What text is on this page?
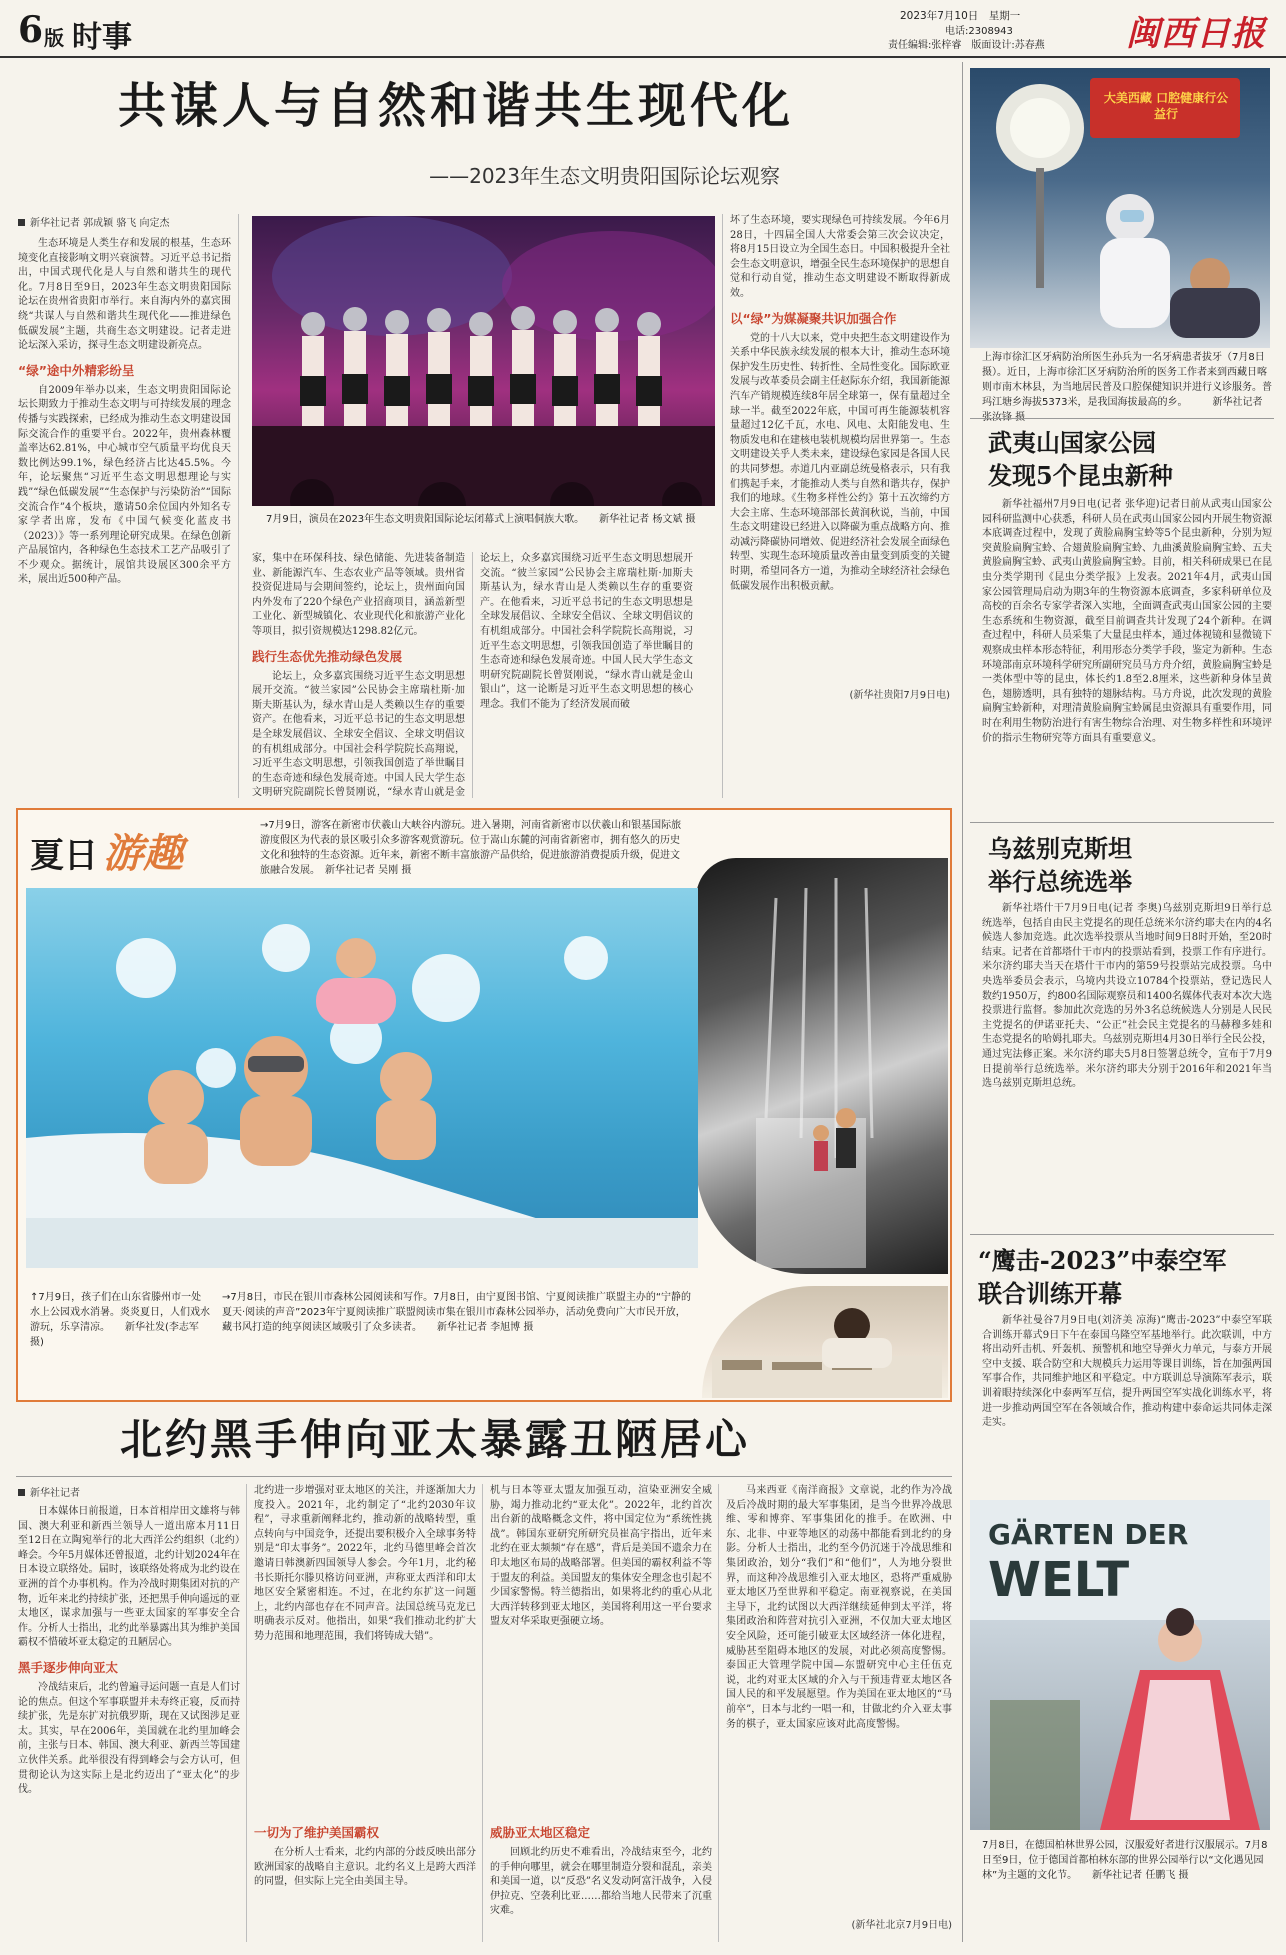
6 版 时事
2023年7月10日　 星期一
电话:2308943
责任编辑:张梓睿　 版面设计:苏春燕 闽西日报
共谋人与自然和谐共生现代化
——2023年生态文明贵阳国际论坛观察
新华社记者 郭成颖 骆飞 向定杰
生态环境是人类生存和发展的根基，生态环境变化直接影响文明兴衰演替。习近平总书记指出，中国式现代化是人与自然和谐共生的现代化。7月8日至9日，2023年生态文明贵阳国际论坛在贵州省贵阳市举行。来自海内外的嘉宾围绕“共谋人与自然和谐共生现代化——推进绿色低碳发展”主题，共商生态文明建设。记者走进论坛深入采访，探寻生态文明建设新亮点。
“绿”途中外精彩纷呈
自2009年举办以来，生态文明贵阳国际论坛长期致力于推动生态文明与可持续发展的理念传播与实践探索，已经成为推动生态文明建设国际交流合作的重要平台。2022年，贵州森林覆盖率达62.81%，中心城市空气质量平均优良天数比例达99.1%，绿色经济占比达45.5%。今年，论坛聚焦“习近平生态文明思想理论与实践”“绿色低碳发展”“生态保护与污染防治”“国际交流合作”4个板块，邀请50余位国内外知名专家学者出席，发布《中国气候变化蓝皮书（2023）》等一系列理论研究成果。在绿色创新产品展馆内，各种绿色生态技术工艺产品吸引了不少观众。据统计，展馆共设展区300余平方米，展出近500种产品。
7月9日，演员在2023年生态文明贵阳国际论坛闭幕式上演唱侗族大歌。　　新华社记者 杨文斌 摄
家，集中在环保科技、绿色储能、先进装备制造业、新能源汽车、生态农业产品等领域。贵州省投资促进局与会期间签约，论坛上，贵州面向国内外发布了220个绿色产业招商项目，涵盖新型工业化、新型城镇化、农业现代化和旅游产业化等项目，拟引资规模达1298.82亿元。
践行生态优先推动绿色发展
论坛上，众多嘉宾围绕习近平生态文明思想展开交流。“彼兰家园”公民协会主席瑞杜斯·加斯夫斯基认为，绿水青山是人类赖以生存的重要资产。在他看来，习近平总书记的生态文明思想是全球发展倡议、全球安全倡议、全球文明倡议的有机组成部分。中国社会科学院院长高翔说，习近平生态文明思想，引领我国创造了举世瞩目的生态奇迹和绿色发展奇迹。中国人民大学生态文明研究院副院长曾贤刚说，“绿水青山就是金
论坛上，众多嘉宾围绕习近平生态文明思想展开交流。“彼兰家园”公民协会主席瑞杜斯·加斯夫斯基认为，绿水青山是人类赖以生存的重要资产。在他看来，习近平总书记的生态文明思想是全球发展倡议、全球安全倡议、全球文明倡议的有机组成部分。中国社会科学院院长高翔说，习近平生态文明思想，引领我国创造了举世瞩目的生态奇迹和绿色发展奇迹。中国人民大学生态文明研究院副院长曾贤刚说，“绿水青山就是金山银山”，这一论断是习近平生态文明思想的核心理念。我们不能为了经济发展而破
坏了生态环境，要实现绿色可持续发展。今年6月28日，十四届全国人大常委会第三次会议决定，将8月15日设立为全国生态日。中国积极提升全社会生态文明意识，增强全民生态环境保护的思想自觉和行动自觉，推动生态文明建设不断取得新成效。
以“绿”为媒凝聚共识加强合作
党的十八大以来，党中央把生态文明建设作为关系中华民族永续发展的根本大计，推动生态环境保护发生历史性、转折性、全局性变化。国际欧亚发展与改革委员会副主任赵际东介绍，我国新能源汽车产销规模连续8年居全球第一，保有量超过全球一半。截至2022年底，中国可再生能源装机容量超过12亿千瓦，水电、风电、太阳能发电、生物质发电和在建核电装机规模均居世界第一。生态文明建设关乎人类未来，建设绿色家园是各国人民的共同梦想。赤道几内亚副总统曼格表示，只有我们携起手来，才能推动人类与自然和谐共存，保护我们的地球。《生物多样性公约》第十五次缔约方大会主席、生态环境部部长黄润秋说，当前，中国生态文明建设已经进入以降碳为重点战略方向、推动减污降碳协同增效、促进经济社会发展全面绿色转型、实现生态环境质量改善由量变到质变的关键时期，希望同各方一道，为推动全球经济社会绿色低碳发展作出积极贡献。
(新华社贵阳7月9日电)
夏日 游趣
→7月9日，游客在新密市伏羲山大峡谷内游玩。进入暑期，河南省新密市以伏羲山和银基国际旅游度假区为代表的景区吸引众多游客观赏游玩。位于嵩山东麓的河南省新密市，拥有悠久的历史文化和独特的生态资源。近年来，新密不断丰富旅游产品供给，促进旅游消费提质升级，促进文旅融合发展。　新华社记者 吴刚 摄
↑7月9日，孩子们在山东省滕州市一处水上公园戏水消暑。炎炎夏日，人们戏水游玩，乐享清凉。　　新华社发(李志军摄)
→7月8日，市民在银川市森林公园阅读和写作。7月8日，由宁夏图书馆、宁夏阅读推广联盟主办的“宁静的夏天·阅读的声音”2023年宁夏阅读推广联盟阅读市集在银川市森林公园举办，活动免费向广大市民开放，藏书风打造的纯享阅读区域吸引了众多读者。　　新华社记者 李旭博 摄
北约黑手伸向亚太暴露丑陋居心
新华社记者
日本媒体日前报道，日本首相岸田文雄将与韩国、澳大利亚和新西兰领导人一道出席本月11日至12日在立陶宛举行的北大西洋公约组织（北约）峰会。今年5月媒体还曾报道，北约计划2024年在日本设立联络处。届时，该联络处将成为北约设在亚洲的首个办事机构。作为冷战时期集团对抗的产物，近年来北约持续扩张，还把黑手伸向遥远的亚太地区，谋求加强与一些亚太国家的军事安全合作。分析人士指出，北约此举暴露出其为维护美国霸权不惜破坏亚太稳定的丑陋居心。
黑手逐步伸向亚太
冷战结束后，北约曾遍寻运问题一直是人们讨论的焦点。但这个军事联盟并未寿终正寝，反而持续扩张，先是东扩对抗俄罗斯，现在又试图涉足亚太。其实，早在2006年，美国就在北约里加峰会前，主张与日本、韩国、澳大利亚、新西兰等国建立伙伴关系。此举很没有得到峰会与会方认可，但贯彻论认为这实际上是北约迈出了“亚太化”的步伐。
北约进一步增强对亚太地区的关注，并逐渐加大力度投入。2021年，北约制定了“北约2030年议程”，寻求重新阐释北约，推动新的战略转型，重点转向与中国竞争，还提出要积极介入全球事务特别是“印太事务”。2022年，北约马德里峰会首次邀请日韩澳新四国领导人参会。今年1月，北约秘书长斯托尔滕贝格访问亚洲，声称亚太西洋和印太地区安全紧密相连。不过，在北约东扩这一问题上，北约内部也存在不同声音。法国总统马克龙已明确表示反对。他指出，如果“我们推动北约扩大势力范围和地理范围，我们将铸成大错”。
一切为了维护美国霸权
在分析人士看来，北约内部的分歧反映出部分欧洲国家的战略自主意识。北约名义上是跨大西洋的同盟，但实际上完全由美国主导。
机与日本等亚太盟友加强互动，渲染亚洲安全威胁，竭力推动北约“亚太化”。2022年，北约首次出台新的战略概念文件，将中国定位为“系统性挑战”。韩国东亚研究所研究员崔高宇指出，近年来北约在亚太频频“存在感”，背后是美国不遗余力在印太地区布局的战略部署。但美国的霸权利益不等于盟友的利益。美国盟友的集体安全理念也引起不少国家警惕。特兰德指出，如果将北约的重心从北大西洋转移到亚太地区，美国将利用这一平台要求盟友对华采取更强硬立场。
威胁亚太地区稳定
回顾北约历史不难看出，冷战结束至今，北约的手伸向哪里，就会在哪里制造分裂和混乱，亲美和美国一道，以“反恐”名义发动阿富汗战争，入侵伊拉克、空袭利比亚……都给当地人民带来了沉重灾难。
马来西亚《南洋商报》文章说，北约作为冷战及后冷战时期的最大军事集团，是当今世界冷战思维、零和博弈、军事集团化的推手。在欧洲、中东、北非、中亚等地区的动荡中都能看到北约的身影。分析人士指出，北约至今仍沉迷于冷战思维和集团政治，划分“我们”和“他们”，人为地分裂世界，而这种冷战思维引入亚太地区，恐将严重威胁亚太地区乃至世界和平稳定。南亚视察说，在美国主导下，北约试图以大西洋继续延伸到太平洋，将集团政治和阵营对抗引入亚洲，不仅加大亚太地区安全风险，还可能引破亚太区域经济一体化进程，威胁甚至阻碍本地区的发展，对此必须高度警惕。泰国正大管理学院中国—东盟研究中心主任伍克说，北约对亚太区域的介入与干预违背亚太地区各国人民的和平发展愿望。作为美国在亚太地区的“马前卒”，日本与北约一唱一和，甘做北约介入亚太事务的棋子，亚太国家应该对此高度警惕。
(新华社北京7月9日电)
大美西藏 口腔健康行公益行
上海市徐汇区牙病防治所医生孙兵为一名牙病患者拔牙（7月8日摄）。近日，上海市徐汇区牙病防治所的医务工作者来到西藏日喀则市南木林县，为当地居民普及口腔保健知识并进行义诊服务。普玛江塘乡海拔5373米，是我国海拔最高的乡。　　　新华社记者
武夷山国家公园
发现5个昆虫新种
新华社福州7月9日电(记者 张华迎)记者日前从武夷山国家公园科研监测中心获悉，科研人员在武夷山国家公园内开展生物资源本底调查过程中，发现了黄脸扁胸宝蛉等5个昆虫新种，分别为短突黄脸扁胸宝蛉、合翅黄脸扁胸宝蛉、九曲溪黄脸扁胸宝蛉、五夫黄脸扁胸宝蛉、武夷山黄脸扁胸宝蛉。目前，相关科研成果已在昆虫分类学期刊《昆虫分类学报》上发表。2021年4月，武夷山国家公园管理局启动为期3年的生物资源本底调查，多家科研单位及高校的百余名专家学者深入实地，全面调查武夷山国家公园的主要生态系统和生物资源，截至目前调查共计发现了24个新种。在调查过程中，科研人员采集了大量昆虫样本，通过体视镜和显微镜下观察成虫样本形态特征，利用形态分类学手段，鉴定为新种。生态环境部南京环境科学研究所副研究员马方舟介绍，黄脸扁胸宝蛉是一类体型中等的昆虫，体长约1.8至2.8厘米，这些新种身体呈黄色，翅膀透明，具有独特的翅脉结构。马方舟说，此次发现的黄脸扁胸宝蛉新种，对理清黄脸扁胸宝蛉属昆虫资源具有重要作用，同时在利用生物防治进行有害生物综合治理、对生物多样性和环境评价的指示生物研究等方面具有重要意义。
乌兹别克斯坦
举行总统选举
新华社塔什干7月9日电(记者 李奥)乌兹别克斯坦9日举行总统选举，包括自由民主党提名的现任总统米尔济约耶夫在内的4名候选人参加竞选。此次选举投票从当地时间9日8时开始，至20时结束。记者在首都塔什干市内的投票站看到，投票工作有序进行。米尔济约耶夫当天在塔什干市内的第59号投票站完成投票。乌中央选举委员会表示，乌境内共设立10784个投票站，登记选民人数约1950万，约800名国际观察员和1400名媒体代表对本次大选投票进行监督。参加此次竞选的另外3名总统候选人分别是人民民主党提名的伊诺亚托夫、“公正”社会民主党提名的马赫穆多娃和生态党提名的哈姆扎耶夫。乌兹别克斯坦4月30日举行全民公投，通过宪法修正案。米尔济约耶夫5月8日签署总统令，宣布于7月9日提前举行总统选举。米尔济约耶夫分别于2016年和2021年当选乌兹别克斯坦总统。
“鹰击-2023”中泰空军
联合训练开幕
新华社曼谷7月9日电(刘济美 凉海)“鹰击-2023”中泰空军联合训练开幕式9日下午在泰国乌隆空军基地举行。此次联训，中方将出动歼击机、歼轰机、预警机和地空导弹火力单元，与泰方开展空中支援、联合防空和大规模兵力运用等课目训练，旨在加强两国军事合作，共同维护地区和平稳定。中方联训总导演陈军表示，联训着眼持续深化中泰两军互信，提升两国空军实战化训练水平，将进一步推动两国空军在各领域合作，推动构建中泰命运共同体走深走实。
GÄRTEN DER
WELT
7月8日，在德国柏林世界公园，汉服爱好者进行汉服展示。7月8日至9日，位于德国首都柏林东部的世界公园举行以“文化遇见园林”为主题的文化节。　　新华社记者 任鹏飞 摄
